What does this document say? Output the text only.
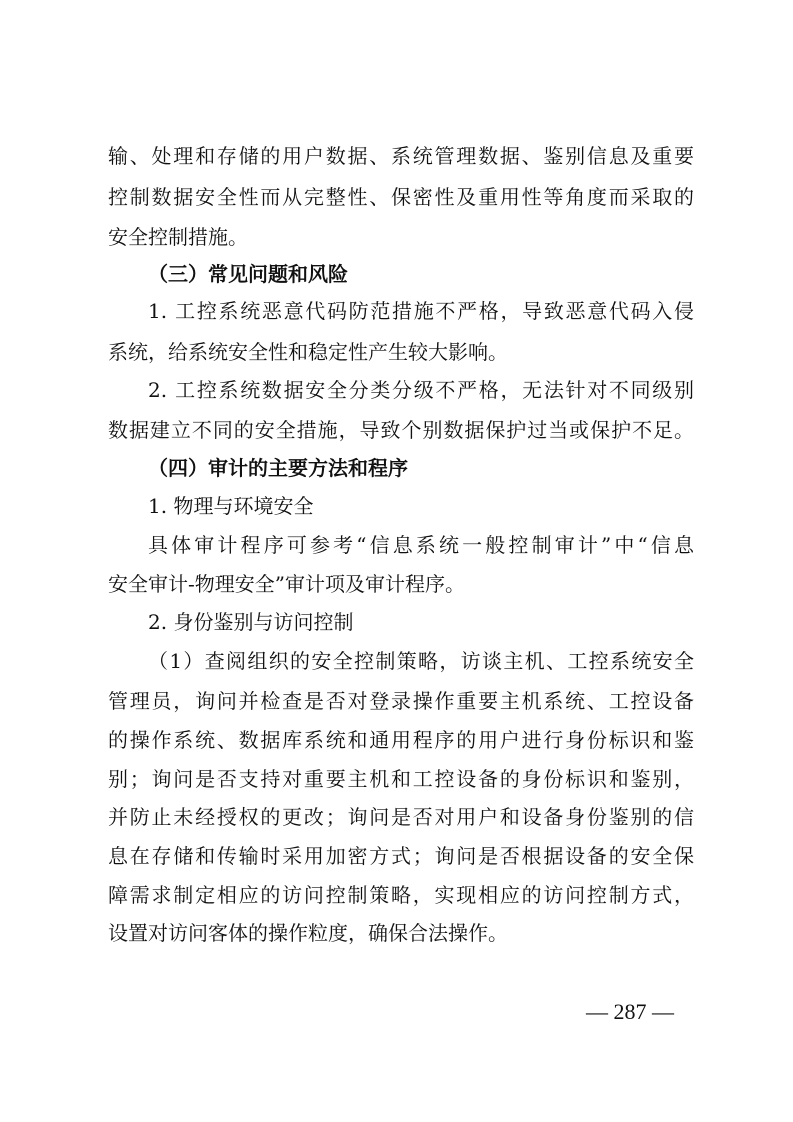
输、处理和存储的用户数据、系统管理数据、鉴别信息及重要
控制数据安全性而从完整性、保密性及重用性等角度而采取的
安全控制措施。
（三）常见问题和风险
1. 工控系统恶意代码防范措施不严格，导致恶意代码入侵
系统，给系统安全性和稳定性产生较大影响。
2. 工控系统数据安全分类分级不严格，无法针对不同级别
数据建立不同的安全措施，导致个别数据保护过当或保护不足。
（四）审计的主要方法和程序
1. 物理与环境安全
具体审计程序可参考“信息系统一般控制审计”中“信息
安全审计-物理安全”审计项及审计程序。
2. 身份鉴别与访问控制
（1）查阅组织的安全控制策略，访谈主机、工控系统安全
管理员，询问并检查是否对登录操作重要主机系统、工控设备
的操作系统、数据库系统和通用程序的用户进行身份标识和鉴
别；询问是否支持对重要主机和工控设备的身份标识和鉴别，
并防止未经授权的更改；询问是否对用户和设备身份鉴别的信
息在存储和传输时采用加密方式；询问是否根据设备的安全保
障需求制定相应的访问控制策略，实现相应的访问控制方式，
设置对访问客体的操作粒度，确保合法操作。
— 287 —
